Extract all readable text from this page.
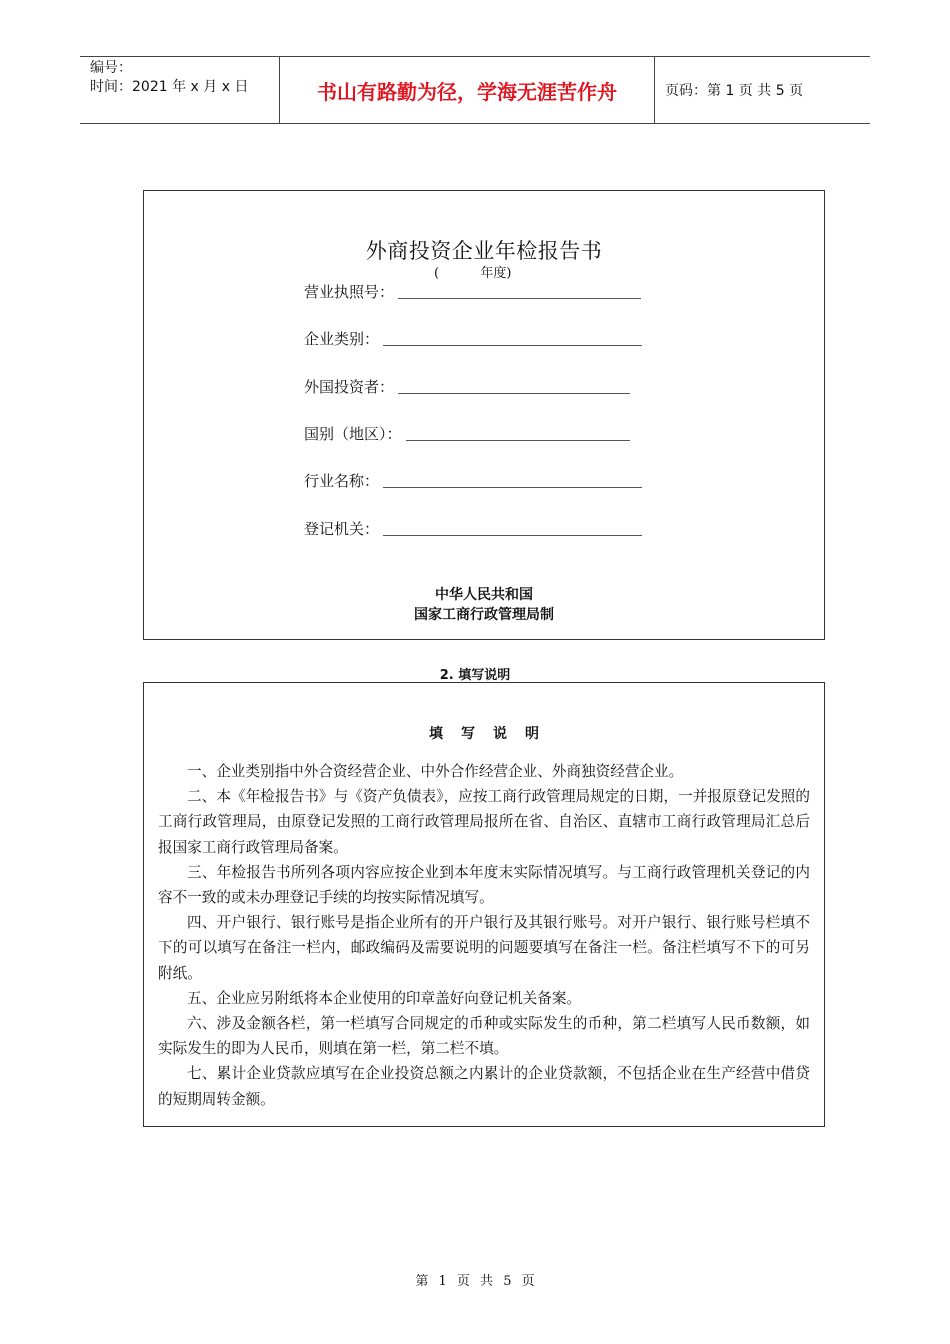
编号：
时间：2021 年 x 月 x 日	书山有路勤为径，学海无涯苦作舟	页码：第 1 页 共 5 页
外商投资企业年检报告书
(          年度)
营业执照号：
企业类别：
外国投资者：
国别（地区）：
行业名称：
登记机关：
中华人民共和国
国家工商行政管理局制
2. 填写说明
填写说明

一、企业类别指中外合资经营企业、中外合作经营企业、外商独资经营企业。

二、本《年检报告书》与《资产负债表》，应按工商行政管理局规定的日期，一并报原登记发照的工商行政管理局，由原登记发照的工商行政管理局报所在省、自治区、直辖市工商行政管理局汇总后报国家工商行政管理局备案。

三、年检报告书所列各项内容应按企业到本年度末实际情况填写。与工商行政管理机关登记的内容不一致的或未办理登记手续的均按实际情况填写。

四、开户银行、银行账号是指企业所有的开户银行及其银行账号。对开户银行、银行账号栏填不下的可以填写在备注一栏内，邮政编码及需要说明的问题要填写在备注一栏。备注栏填写不下的可另附纸。

五、企业应另附纸将本企业使用的印章盖好向登记机关备案。

六、涉及金额各栏，第一栏填写合同规定的币种或实际发生的币种，第二栏填写人民币数额，如实际发生的即为人民币，则填在第一栏，第二栏不填。

七、累计企业贷款应填写在企业投资总额之内累计的企业贷款额，不包括企业在生产经营中借贷的短期周转金额。

第 1 页 共 5 页
